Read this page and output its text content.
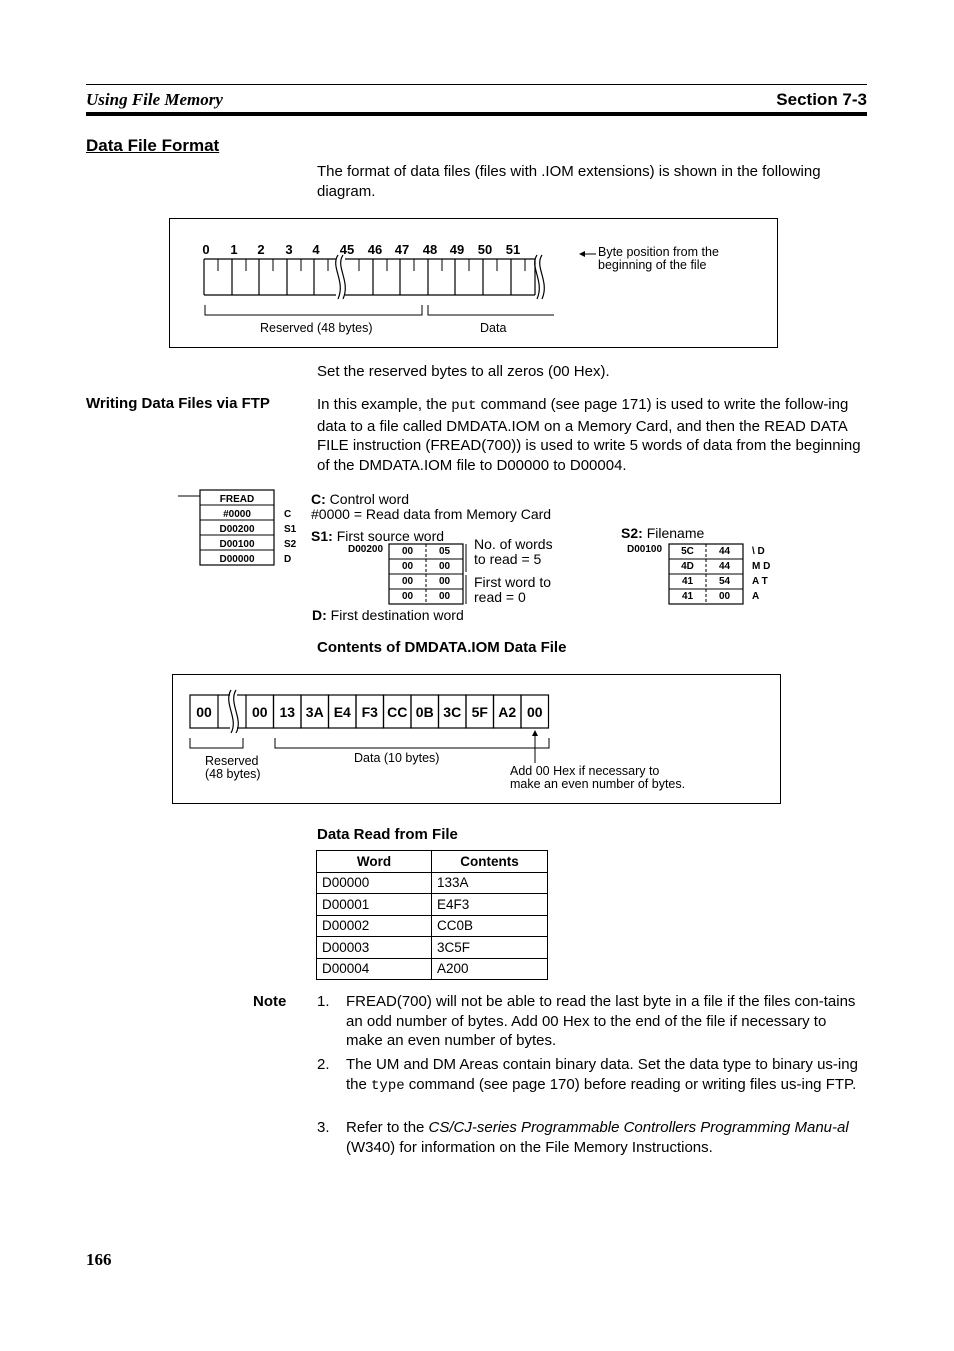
Using File Memory	Section 7-3
Data File Format
The format of data files (files with .IOM extensions) is shown in the following diagram.
0	1	2	3	4	45 46 47 48 49 50 51	Byte position from the
beginning of the file
Reserved (48 bytes)	Data
Set the reserved bytes to all zeros (00 Hex).
Writing Data Files via FTP	In this example, the put command (see page 171) is used to write the follow-ing data to a file called DMDATA.IOM on a Memory Card, and then the READ DATA FILE instruction (FREAD(700)) is used to write 5 words of data from the beginning of the DMDATA.IOM file to D00000 to D00004.
FREAD
#0000
D00200
D00100
D00000
C
S1
S2
D
C: Control word
#0000 = Read data from Memory Card
S1: First source word
D00200	00	05
00	00
00	00
00	00
No. of words
to read = 5
First word to
read = 0
D: First destination word
S2: Filename
D00100	5C	44
4D	44
41	54
41	00
\ D
M D
A T
A
Contents of DMDATA.IOM Data File
00	00 13 3A E4 F3 CC 0B 3C 5F A2 00
Reserved
(48 bytes)
Data (10 bytes)
Add 00 Hex if necessary to
make an even number of bytes.
Data Read from File
Word	Contents
D00000	133A
D00001	E4F3
D00002	CC0B
D00003	3C5F
D00004	A200
Note 1. FREAD(700) will not be able to read the last byte in a file if the files con-tains an odd number of bytes. Add 00 Hex to the end of the file if necessary to make an even number of bytes.
2. The UM and DM Areas contain binary data. Set the data type to binary us-ing the type command (see page 170) before reading or writing files us-ing FTP.
3. Refer to the CS/CJ-series Programmable Controllers Programming Manu-al (W340) for information on the File Memory Instructions.
166
